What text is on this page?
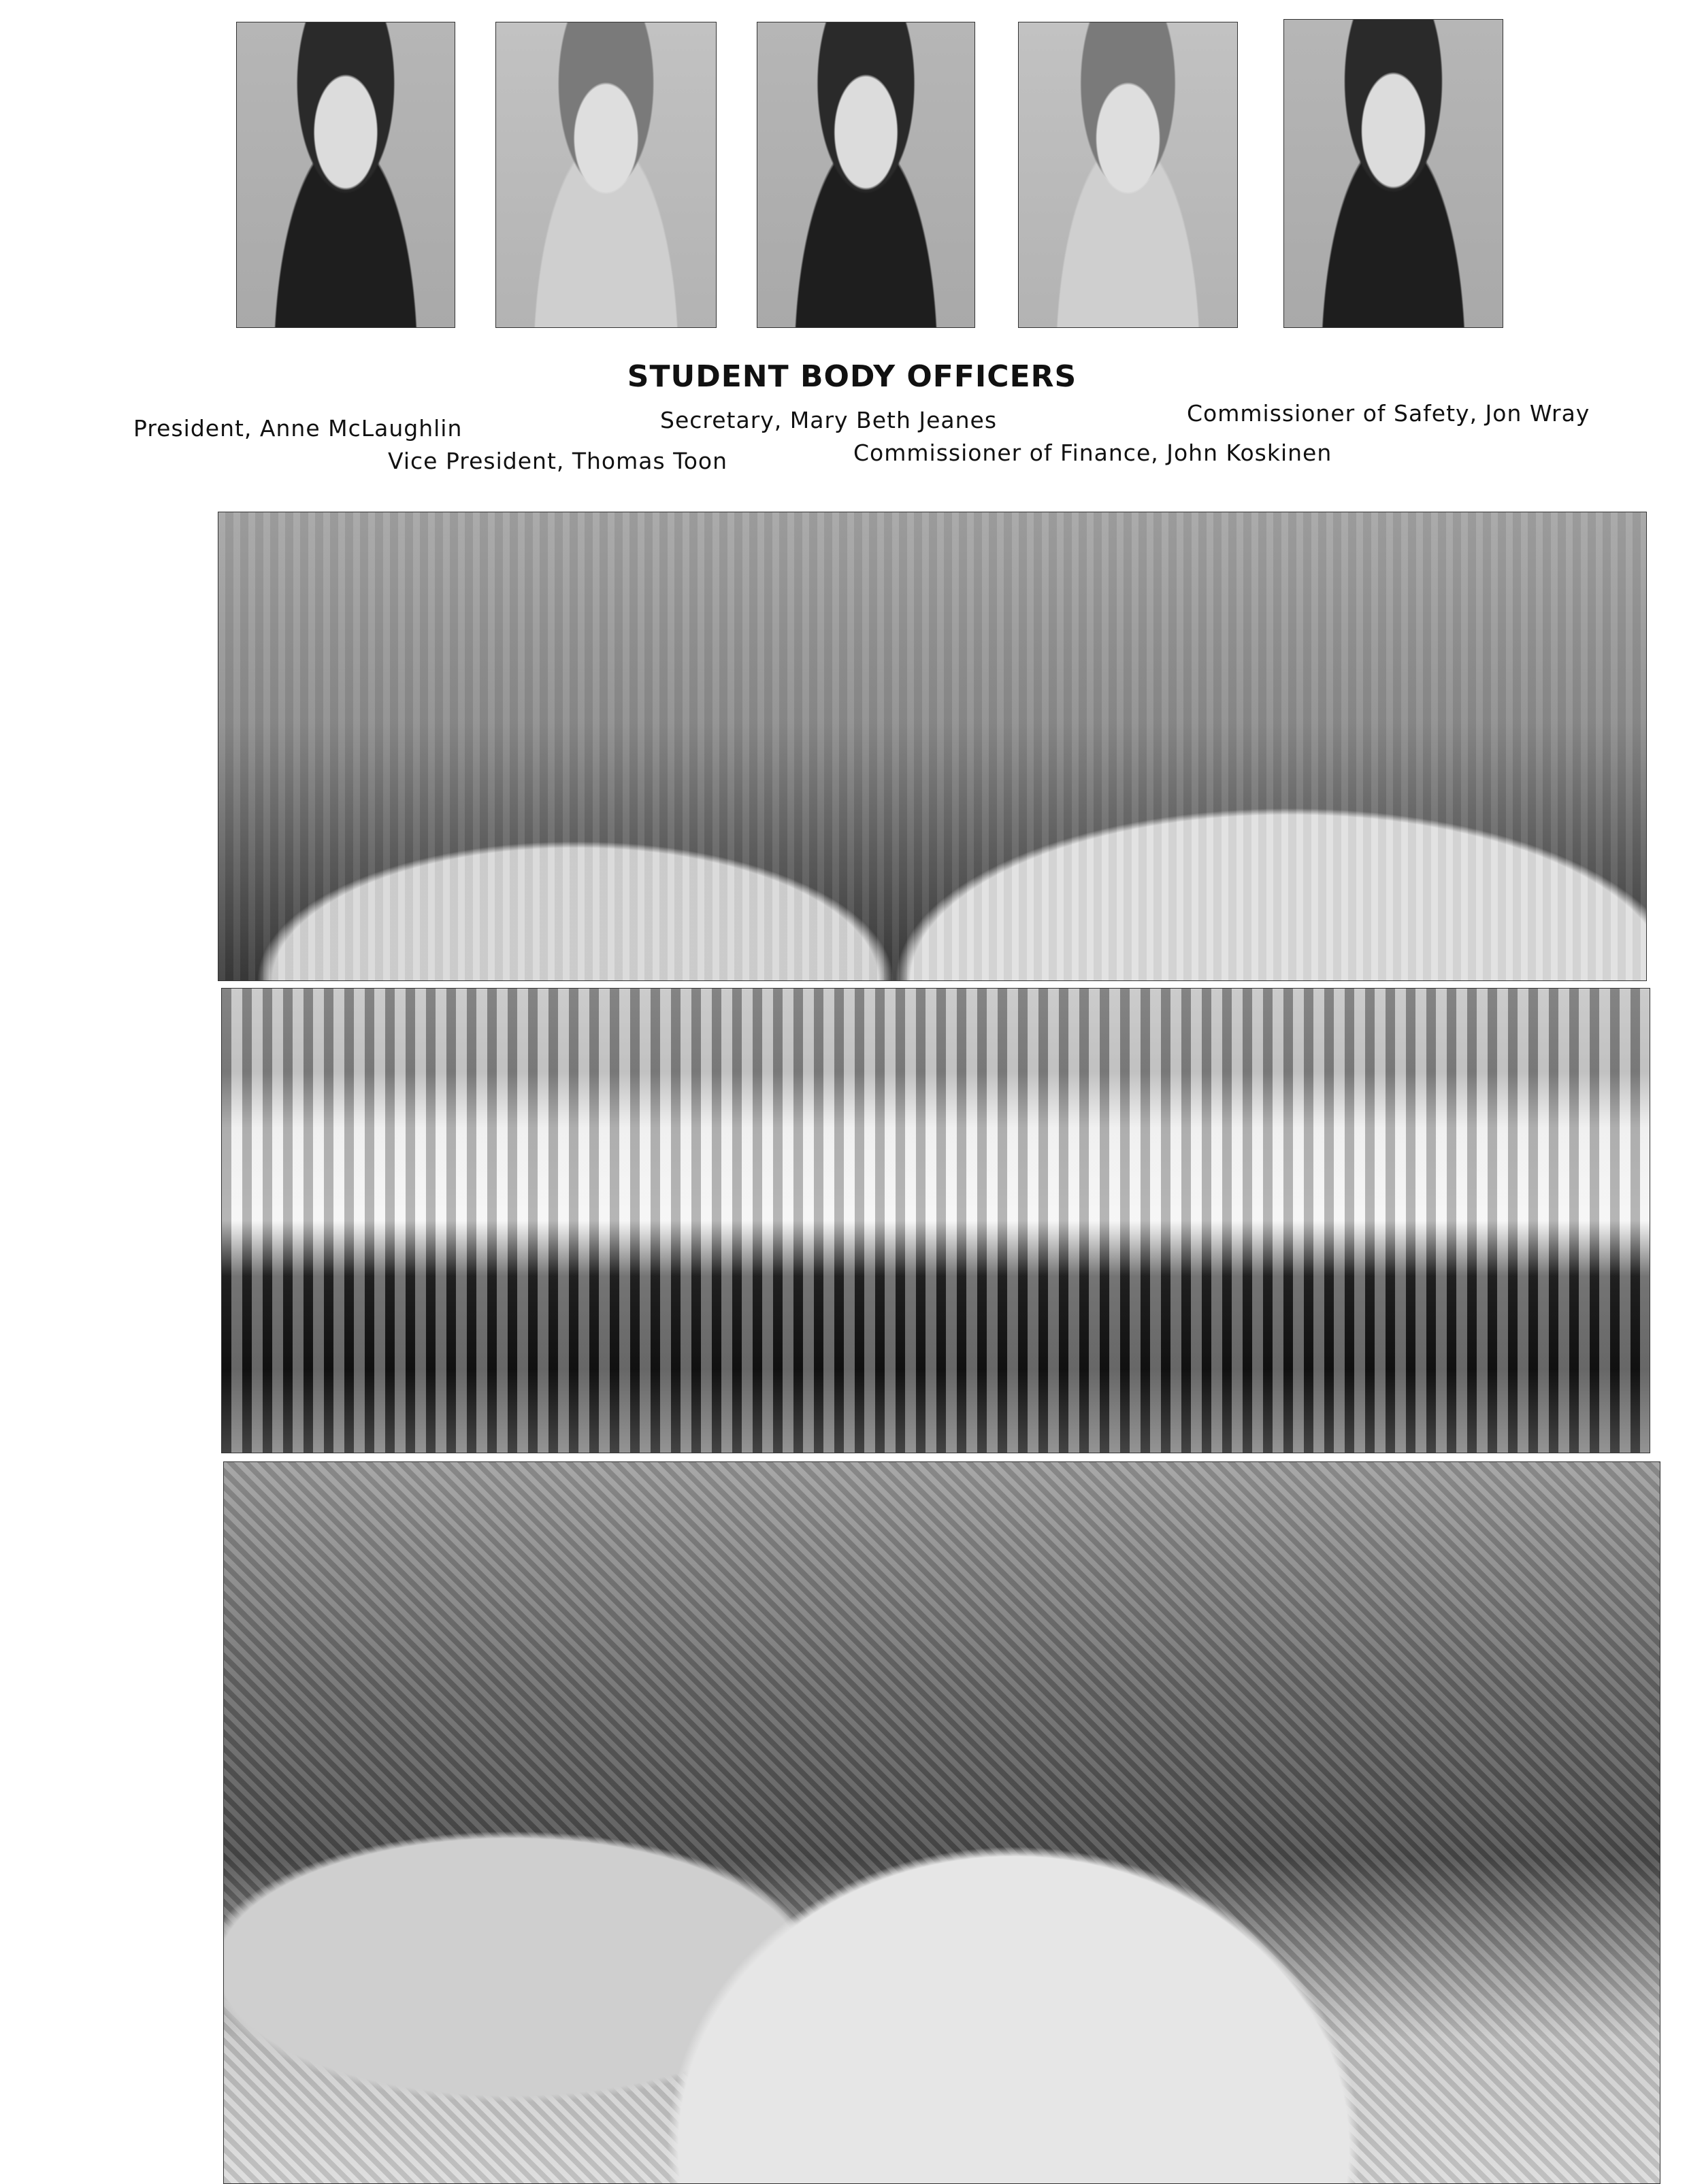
STUDENT BODY OFFICERS

President, Anne McLaughlin

Vice President, Thomas Toon

Secretary, Mary Beth Jeanes

Commissioner of Finance, John Koskinen

Commissioner of Safety, Jon Wray
